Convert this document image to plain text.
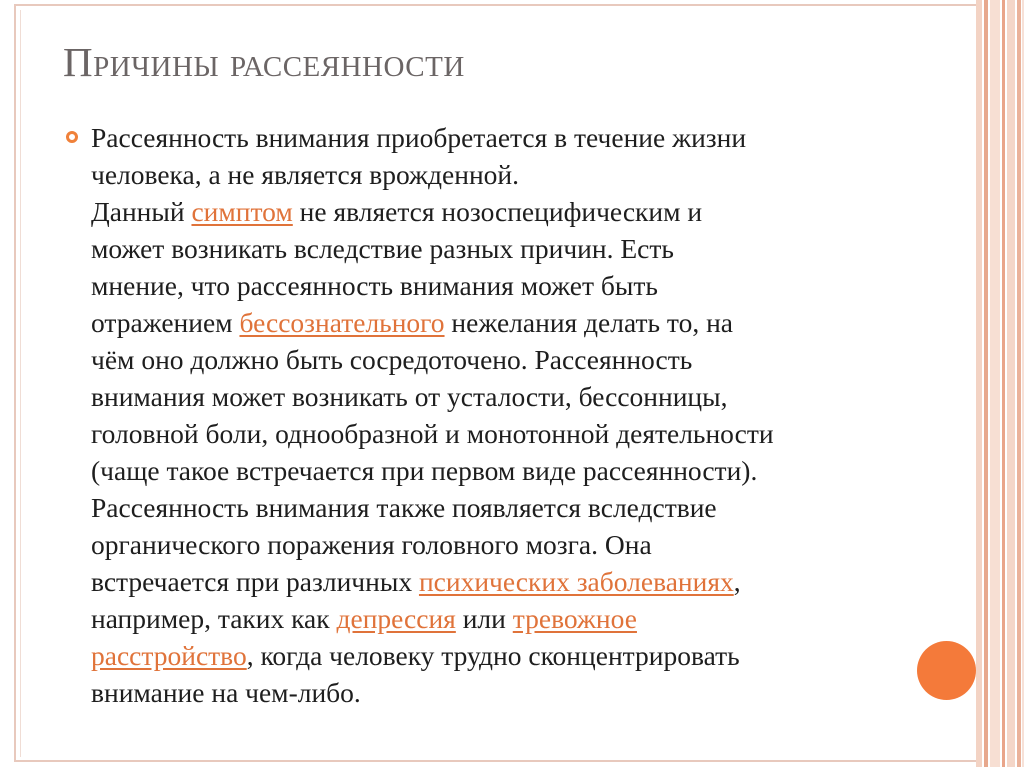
Причины рассеянности
Рассеянность внимания приобретается в течение жизни
человека, а не является врожденной.
Данный симптом не является нозоспецифическим и
может возникать вследствие разных причин. Есть
мнение, что рассеянность внимания может быть
отражением бессознательного нежелания делать то, на
чём оно должно быть сосредоточено. Рассеянность
внимания может возникать от усталости, бессонницы,
головной боли, однообразной и монотонной деятельности
(чаще такое встречается при первом виде рассеянности).
Рассеянность внимания также появляется вследствие
органического поражения головного мозга. Она
встречается при различных психических заболеваниях,
например, таких как депрессия или тревожное
расстройство, когда человеку трудно сконцентрировать
внимание на чем-либо.
